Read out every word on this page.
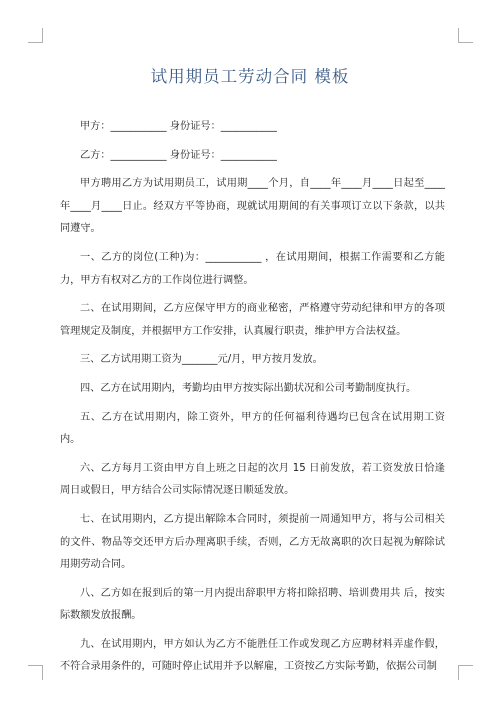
试用期员工劳动合同 模板
甲方：___________ 身份证号：___________
乙方：___________ 身份证号：___________

甲方聘用乙方为试用期员工，试用期____个月，自____年____月____日起至____年____月____日止。经双方平等协商，现就试用期间的有关事项订立以下条款，以共同遵守。

一、乙方的岗位(工种)为：___________ ，在试用期间，根据工作需要和乙方能力，甲方有权对乙方的工作岗位进行调整。

二、在试用期间，乙方应保守甲方的商业秘密，严格遵守劳动纪律和甲方的各项管理规定及制度，并根据甲方工作安排，认真履行职责，维护甲方合法权益。

三、乙方试用期工资为_______元/月，甲方按月发放。

四、乙方在试用期内，考勤均由甲方按实际出勤状况和公司考勤制度执行。

五、乙方在试用期内，除工资外，甲方的任何福利待遇均已包含在试用期工资内。

六、乙方每月工资由甲方自上班之日起的次月 15 日前发放，若工资发放日恰逢周日或假日，甲方结合公司实际情况逐日顺延发放。

七、在试用期内，乙方提出解除本合同时，须提前一周通知甲方，将与公司相关的文件、物品等交还甲方后办理离职手续，否则，乙方无故离职的次日起视为解除试用期劳动合同。

八、乙方如在报到后的第一月内提出辞职甲方将扣除招聘、培训费用共 后，按实际数额发放报酬。

九、在试用期内，甲方如认为乙方不能胜任工作或发现乙方应聘材料弄虚作假，不符合录用条件的，可随时停止试用并予以解雇，工资按乙方实际考勤，依据公司制
